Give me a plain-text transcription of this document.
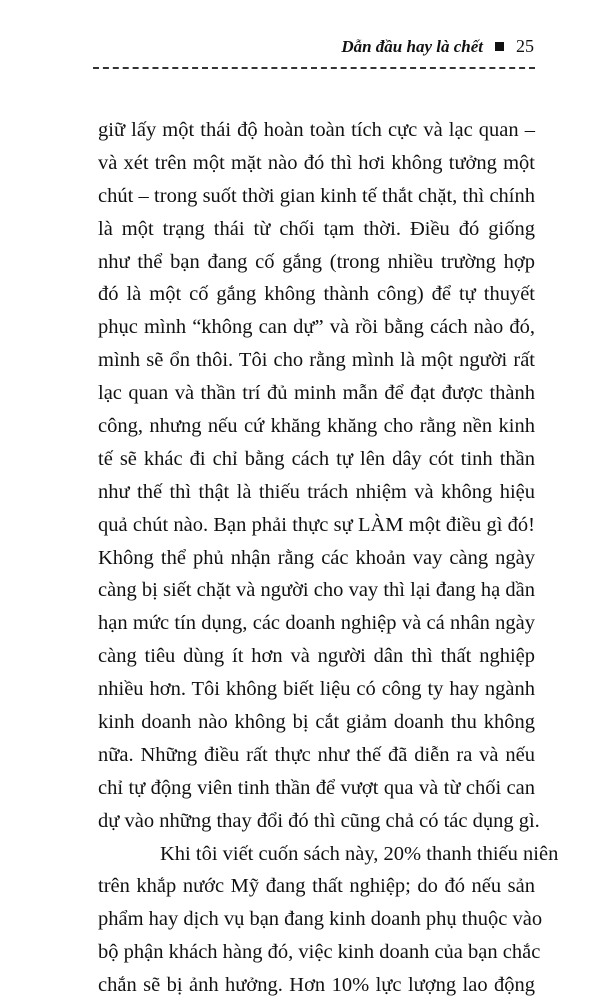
Dẫn đầu hay là chết 25
giữ lấy một thái độ hoàn toàn tích cực và lạc quan –
và xét trên một mặt nào đó thì hơi không tưởng một
chút – trong suốt thời gian kinh tế thắt chặt, thì chính
là một trạng thái từ chối tạm thời. Điều đó giống
như thể bạn đang cố gắng (trong nhiều trường hợp
đó là một cố gắng không thành công) để tự thuyết
phục mình “không can dự” và rồi bằng cách nào đó,
mình sẽ ổn thôi. Tôi cho rằng mình là một người rất
lạc quan và thần trí đủ minh mẫn để đạt được thành
công, nhưng nếu cứ khăng khăng cho rằng nền kinh
tế sẽ khác đi chỉ bằng cách tự lên dây cót tinh thần
như thế thì thật là thiếu trách nhiệm và không hiệu
quả chút nào. Bạn phải thực sự LÀM một điều gì đó!
Không thể phủ nhận rằng các khoản vay càng ngày
càng bị siết chặt và người cho vay thì lại đang hạ dần
hạn mức tín dụng, các doanh nghiệp và cá nhân ngày
càng tiêu dùng ít hơn và người dân thì thất nghiệp
nhiều hơn. Tôi không biết liệu có công ty hay ngành
kinh doanh nào không bị cắt giảm doanh thu không
nữa. Những điều rất thực như thế đã diễn ra và nếu
chỉ tự động viên tinh thần để vượt qua và từ chối can
dự vào những thay đổi đó thì cũng chả có tác dụng gì.
Khi tôi viết cuốn sách này, 20% thanh thiếu niên
trên khắp nước Mỹ đang thất nghiệp; do đó nếu sản
phẩm hay dịch vụ bạn đang kinh doanh phụ thuộc vào
bộ phận khách hàng đó, việc kinh doanh của bạn chắc
chắn sẽ bị ảnh hưởng. Hơn 10% lực lượng lao động
